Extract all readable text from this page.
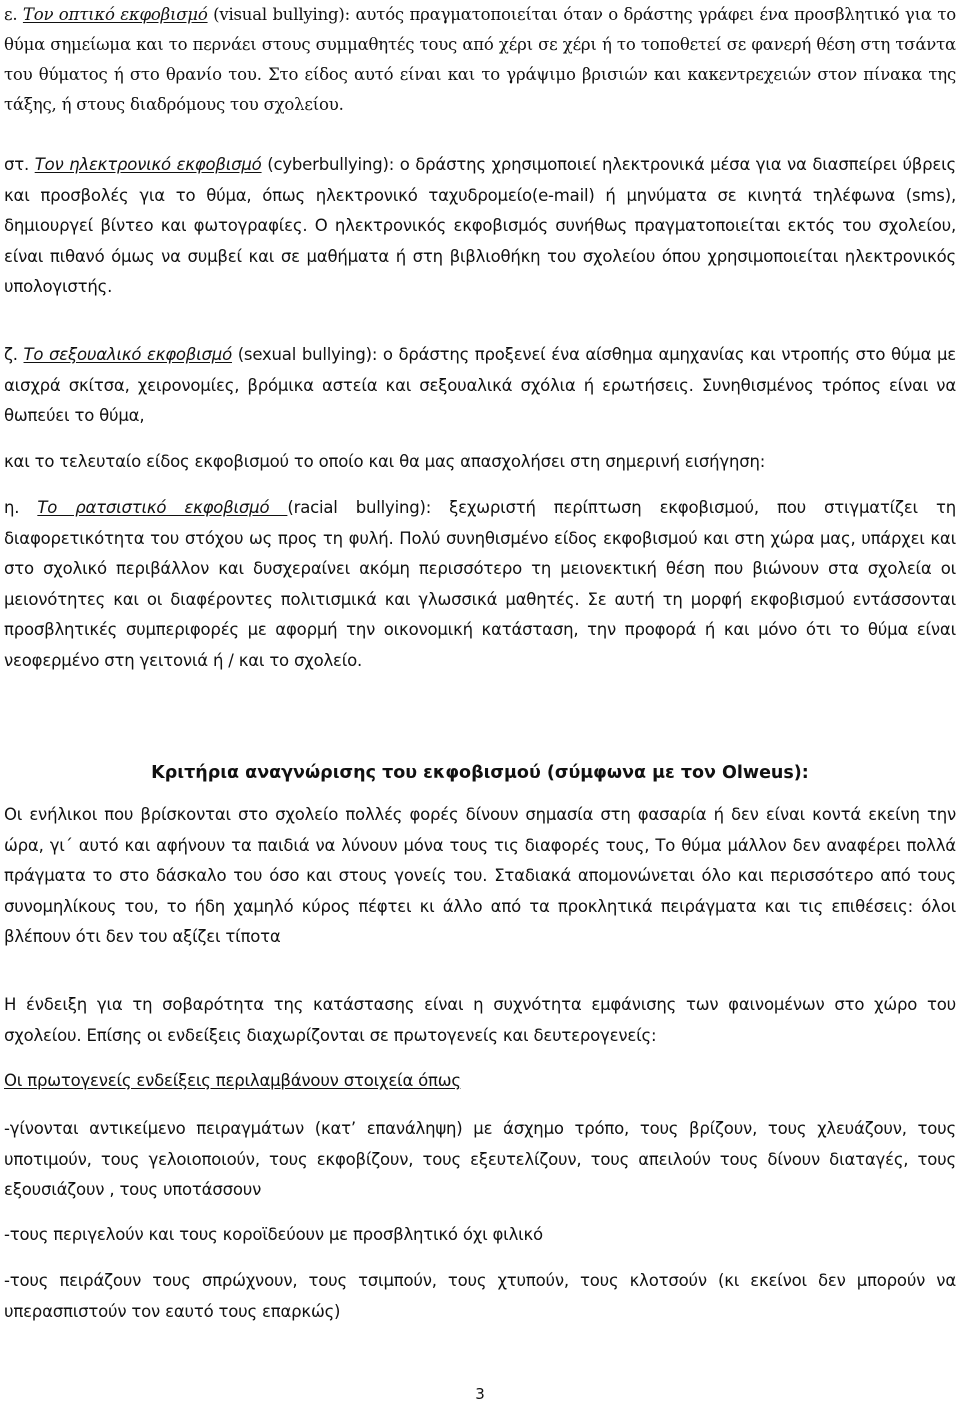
ε. Τον οπτικό εκφοβισμό (visual bullying): αυτός πραγματοποιείται όταν ο δράστης γράφει ένα προσβλητικό για το θύμα σημείωμα και το περνάει στους συμμαθητές τους από χέρι σε χέρι ή το τοποθετεί σε φανερή θέση στη τσάντα του θύματος ή στο θρανίο του. Στο είδος αυτό είναι και το γράψιμο βρισιών και κακεντρεχειών στον πίνακα της τάξης, ή στους διαδρόμους του σχολείου.

στ. Τον ηλεκτρονικό εκφοβισμό (cyberbullying): ο δράστης χρησιμοποιεί ηλεκτρονικά μέσα για να διασπείρει ύβρεις και προσβολές για το θύμα, όπως ηλεκτρονικό ταχυδρομείο(e-mail) ή μηνύματα σε κινητά τηλέφωνα (sms), δημιουργεί βίντεο και φωτογραφίες. Ο ηλεκτρονικός εκφοβισμός συνήθως πραγματοποιείται εκτός του σχολείου, είναι πιθανό όμως να συμβεί και σε μαθήματα ή στη βιβλιοθήκη του σχολείου όπου χρησιμοποιείται ηλεκτρονικός υπολογιστής.

ζ. Το σεξουαλικό εκφοβισμό (sexual bullying): ο δράστης προξενεί ένα αίσθημα αμηχανίας και ντροπής στο θύμα με αισχρά σκίτσα, χειρονομίες, βρόμικα αστεία και σεξουαλικά σχόλια ή ερωτήσεις. Συνηθισμένος τρόπος είναι να θωπεύει το θύμα,

και το τελευταίο είδος εκφοβισμού το οποίο και θα μας απασχολήσει στη σημερινή εισήγηση:

η. Το ρατσιστικό εκφοβισμό (racial bullying): ξεχωριστή περίπτωση εκφοβισμού, που στιγματίζει τη διαφορετικότητα του στόχου ως προς τη φυλή. Πολύ συνηθισμένο είδος εκφοβισμού και στη χώρα μας, υπάρχει και στο σχολικό περιβάλλον και δυσχεραίνει ακόμη περισσότερο τη μειονεκτική θέση που βιώνουν στα σχολεία οι μειονότητες και οι διαφέροντες πολιτισμικά και γλωσσικά μαθητές. Σε αυτή τη μορφή εκφοβισμού εντάσσονται προσβλητικές συμπεριφορές με αφορμή την οικονομική κατάσταση, την προφορά ή και μόνο ότι το θύμα είναι νεοφερμένο στη γειτονιά ή / και το σχολείο.

Κριτήρια αναγνώρισης του εκφοβισμού (σύμφωνα με τον Olweus):

Οι ενήλικοι που βρίσκονται στο σχολείο πολλές φορές δίνουν σημασία στη φασαρία ή δεν είναι κοντά εκείνη την ώρα, γι΄ αυτό και αφήνουν τα παιδιά να λύνουν μόνα τους τις διαφορές τους, Το θύμα μάλλον δεν αναφέρει πολλά πράγματα το στο δάσκαλο του όσο και στους γονείς του. Σταδιακά απομονώνεται όλο και περισσότερο από τους συνομηλίκους του, το ήδη χαμηλό κύρος πέφτει κι άλλο από τα προκλητικά πειράγματα και τις επιθέσεις: όλοι βλέπουν ότι δεν του αξίζει τίποτα

Η ένδειξη για τη σοβαρότητα της κατάστασης είναι η συχνότητα εμφάνισης των φαινομένων στο χώρο του σχολείου. Επίσης οι ενδείξεις διαχωρίζονται σε πρωτογενείς και δευτερογενείς:

Οι πρωτογενείς ενδείξεις περιλαμβάνουν στοιχεία όπως

-γίνονται αντικείμενο πειραγμάτων (κατ’ επανάληψη) με άσχημο τρόπο, τους βρίζουν, τους χλευάζουν, τους υποτιμούν, τους γελοιοποιούν, τους εκφοβίζουν, τους εξευτελίζουν, τους απειλούν τους δίνουν διαταγές, τους εξουσιάζουν , τους υποτάσσουν

-τους περιγελούν και τους κοροϊδεύουν με προσβλητικό όχι φιλικό

-τους πειράζουν τους σπρώχνουν, τους τσιμπούν, τους χτυπούν, τους κλοτσούν (κι εκείνοι δεν μπορούν να υπερασπιστούν τον εαυτό τους επαρκώς)

3
